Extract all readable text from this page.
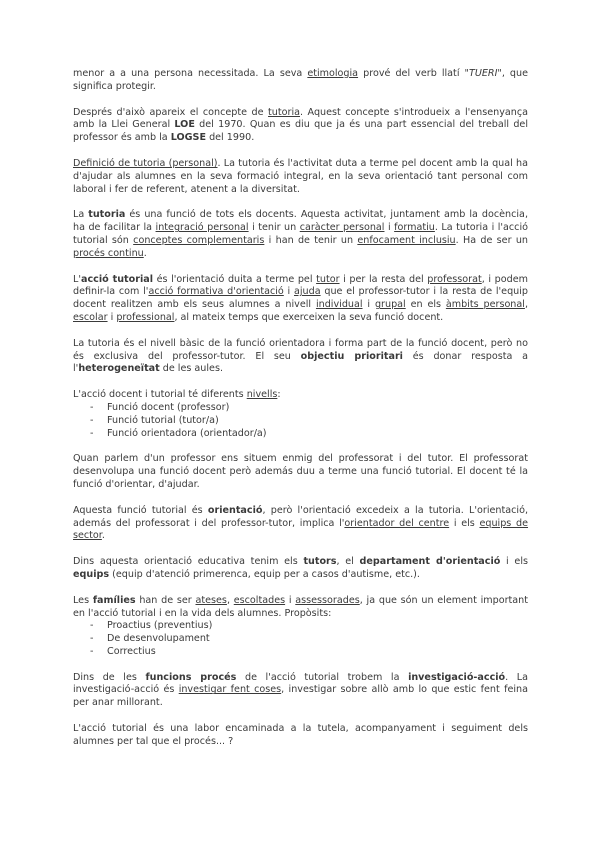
menor a a una persona necessitada. La seva etimologia prové del verb llatí "TUERI", que significa protegir.

Després d'això apareix el concepte de tutoria. Aquest concepte s'introdueix a l'ensenyança amb la Llei General LOE del 1970. Quan es diu que ja és una part essencial del treball del professor és amb la LOGSE del 1990.

Definició de tutoria (personal). La tutoria és l'activitat duta a terme pel docent amb la qual ha d'ajudar als alumnes en la seva formació integral, en la seva orientació tant personal com laboral i fer de referent, atenent a la diversitat.

La tutoria és una funció de tots els docents. Aquesta activitat, juntament amb la docència, ha de facilitar la integració personal i tenir un caràcter personal i formatiu. La tutoria i l'acció tutorial són conceptes complementaris i han de tenir un enfocament inclusiu. Ha de ser un procés continu.

L'acció tutorial és l'orientació duita a terme pel tutor i per la resta del professorat, i podem definir-la com l'acció formativa d'orientació i ajuda que el professor-tutor i la resta de l'equip docent realitzen amb els seus alumnes a nivell individual i grupal en els àmbits personal, escolar i professional, al mateix temps que exerceixen la seva funció docent.

La tutoria és el nivell bàsic de la funció orientadora i forma part de la funció docent, però no és exclusiva del professor-tutor. El seu objectiu prioritari és donar resposta a l'heterogeneïtat de les aules.

L'acció docent i tutorial té diferents nivells:

- Funció docent (professor)
- Funció tutorial (tutor/a)
- Funció orientadora (orientador/a)

Quan parlem d'un professor ens situem enmig del professorat i del tutor. El professorat desenvolupa una funció docent però además duu a terme una funció tutorial. El docent té la funció d'orientar, d'ajudar.

Aquesta funció tutorial és orientació, però l'orientació excedeix a la tutoria. L'orientació, además del professorat i del professor-tutor, implica l'orientador del centre i els equips de sector.

Dins aquesta orientació educativa tenim els tutors, el departament d'orientació i els equips (equip d'atenció primerenca, equip per a casos d'autisme, etc.).

Les famílies han de ser ateses, escoltades i assessorades, ja que són un element important en l'acció tutorial i en la vida dels alumnes. Propòsits:

- Proactius (preventius)
- De desenvolupament
- Correctius

Dins de les funcions procés de l'acció tutorial trobem la investigació-acció. La investigació-acció és investigar fent coses, investigar sobre allò amb lo que estic fent feina per anar millorant.

L'acció tutorial és una labor encaminada a la tutela, acompanyament i seguiment dels alumnes per tal que el procés... ?
